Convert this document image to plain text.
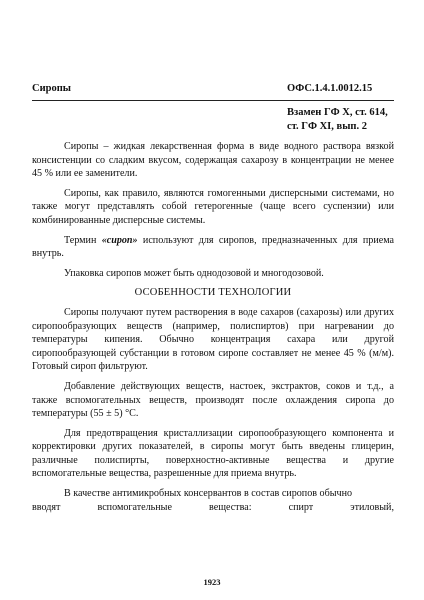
Сиропы	ОФС.1.4.1.0012.15
Взамен ГФ X, ст. 614,
ст. ГФ XI, вып. 2

Сиропы – жидкая лекарственная форма в виде водного раствора вязкой консистенции со сладким вкусом, содержащая сахарозу в концентрации не менее 45 % или ее заменители.

Сиропы, как правило, являются гомогенными дисперсными системами, но также могут представлять собой гетерогенные (чаще всего суспензии) или комбинированные дисперсные системы.

Термин «сироп» используют для сиропов, предназначенных для приема внутрь.

Упаковка сиропов может быть однодозовой и многодозовой.

ОСОБЕННОСТИ ТЕХНОЛОГИИ

Сиропы получают путем растворения в воде сахаров (сахарозы) или других сиропообразующих веществ (например, полиспиртов) при нагревании до температуры кипения. Обычно концентрация сахара или другой сиропообразующей субстанции в готовом сиропе составляет не менее 45 % (м/м). Готовый сироп фильтруют.

Добавление действующих веществ, настоек, экстрактов, соков и т.д., а также вспомогательных веществ, производят после охлаждения сиропа до температуры (55 ± 5) °С.

Для предотвращения кристаллизации сиропообразующего компонента и корректировки других показателей, в сиропы могут быть введены глицерин, различные полиспирты, поверхностно-активные вещества и другие вспомогательные вещества, разрешенные для приема внутрь.

В качестве антимикробных консервантов в состав сиропов обычно

вводят	вспомогательные	вещества:	спирт	этиловый,
1923
